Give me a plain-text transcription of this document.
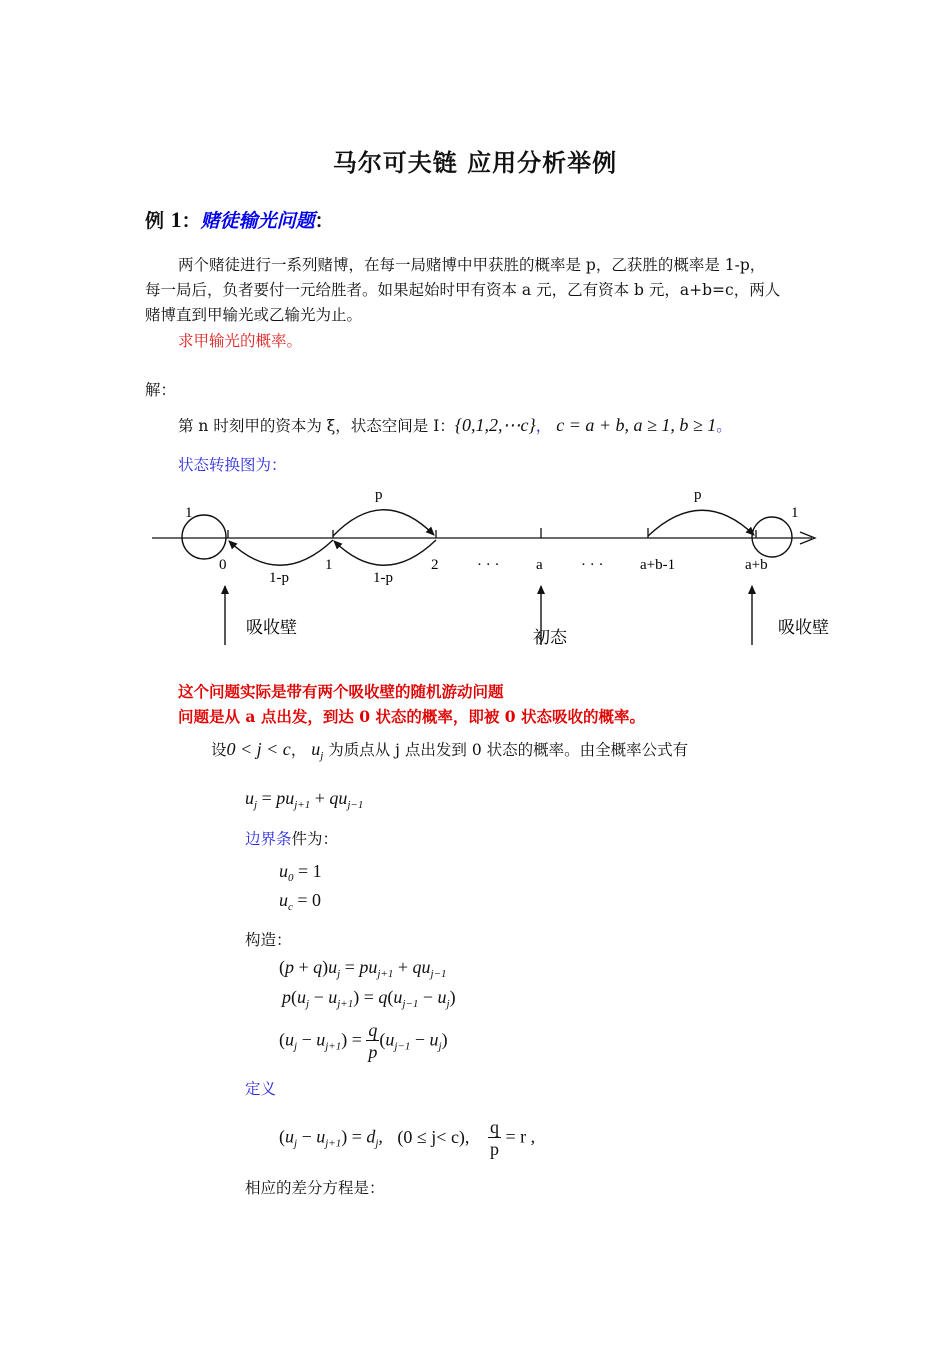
马尔可夫链 应用分析举例
例 1：赌徒输光问题：
两个赌徒进行一系列赌博，在每一局赌博中甲获胜的概率是 p，乙获胜的概率是 1-p，
每一局后，负者要付一元给胜者。如果起始时甲有资本 a 元，乙有资本 b 元，a+b=c，两人
赌博直到甲输光或乙输光为止。
求甲输光的概率。
解：
第 n 时刻甲的资本为 ξ，状态空间是 I：{0,1,2,⋯c}， c = a + b, a ≥ 1, b ≥ 1。
状态转换图为：
1	1
p	p
1-p	1-p
0	1	2	· · · a	· · · a+b-1	a+b
吸收壁
初态
吸收壁
这个问题实际是带有两个吸收壁的随机游动问题
问题是从 a 点出发，到达 0 状态的概率，即被 0 状态吸收的概率。
设0 < j < c， $u_j$ 为质点从 j 点出发到 0 状态的概率。由全概率公式有
$u_j = pu_{j+1} + qu_{j-1}$
边界条件为：
$u_0 = 1$
$u_c = 0$
构造：
$(p + q)u_j = pu_{j+1} + qu_{j-1}$
$p(u_j - u_{j+1}) = q(u_{j-1} - u_j)$
$(u_j - u_{j+1}) = \frac{q}{p} (u_{j-1} - u_j)$
定义
$(u_j - u_{j+1}) = d_j$, (0 ≤ j< c), $\frac{q}{p} = r$ ,
相应的差分方程是：
